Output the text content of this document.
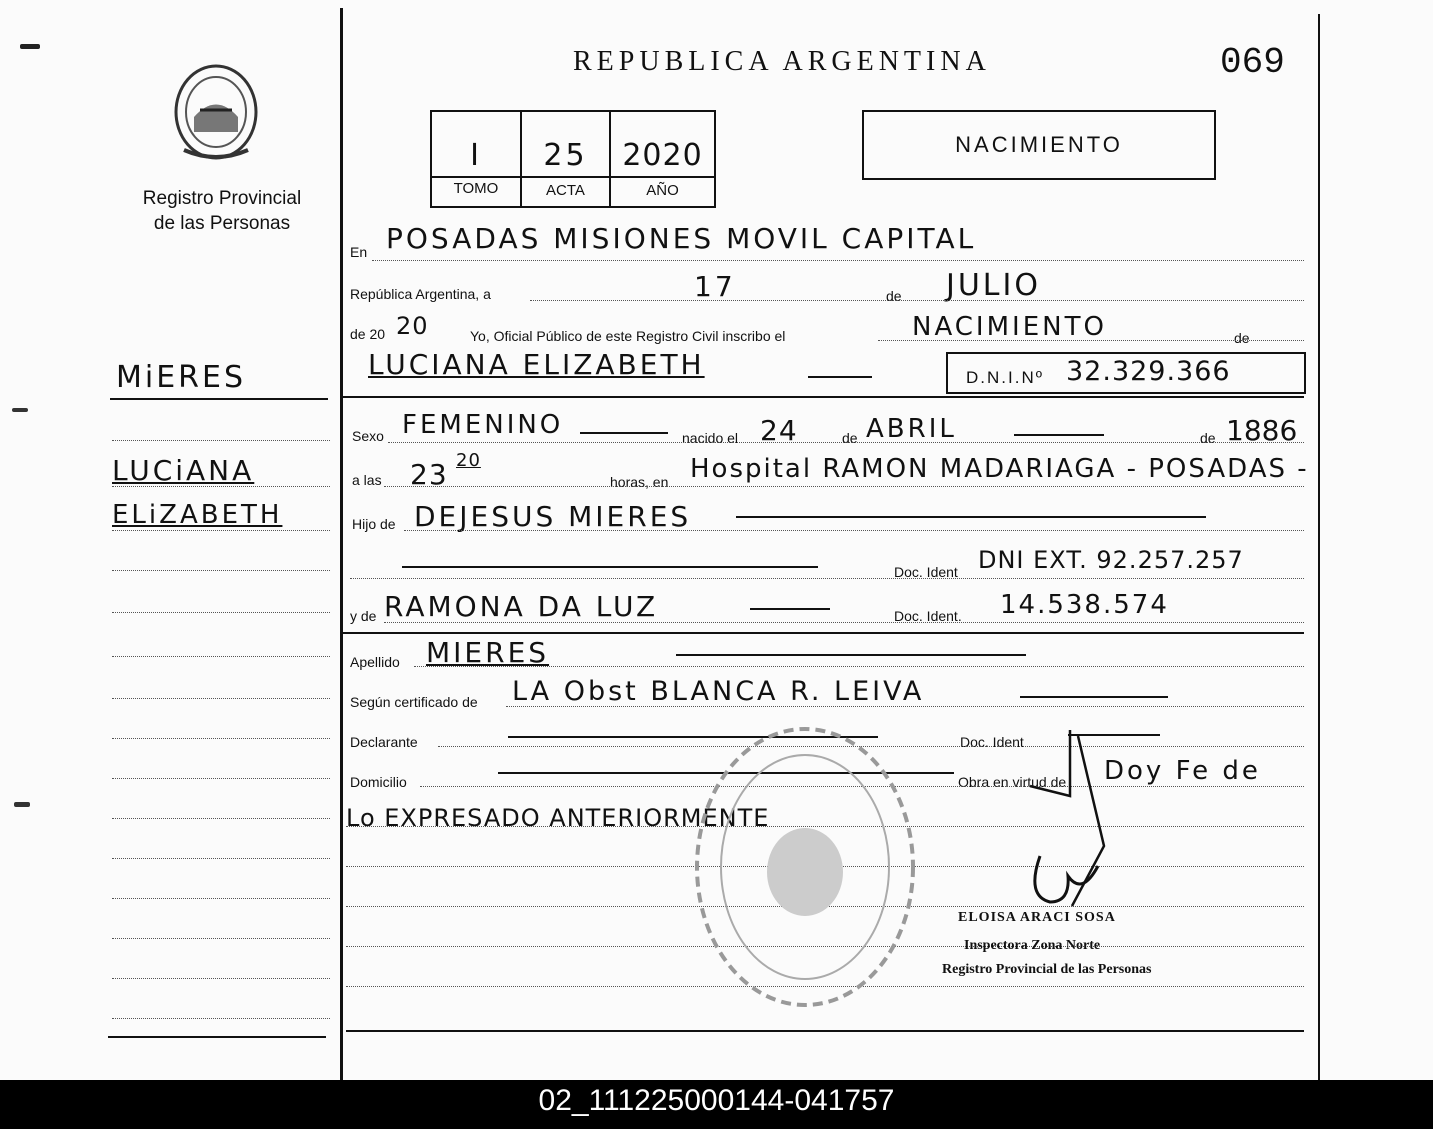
Registro Provincial
de las Personas
REPUBLICA ARGENTINA	069
I	25	2020
TOMO	ACTA	AÑO
NACIMIENTO
MiERES
LUCiANA
ELiZABETH
En POSADAS MISIONES MOVIL CAPITAL
República Argentina, a	17	de JULIO
de 20 20	Yo, Oficial Público de este Registro Civil inscribo el	NACIMIENTO	de
LUCIANA ELIZABETH	D.N.I.Nº 32.329.366
Sexo FEMENINO	nacido el 24	de ABRIL	de 1886
a las 23 20
horas, en Hospital RAMON MADARIAGA - POSADAS -
Hijo de DEJESUS MIERES
Doc. Ident DNI EXT. 92.257.257
y de RAMONA DA LUZ	Doc. Ident. 14.538.574
Apellido MIERES
Según certificado de LA Obst BLANCA R. LEIVA
Declarante	Doc. Ident
Domicilio	Obra en virtud de Doy Fe de
Lo EXPRESADO ANTERIORMENTE
ELOISA ARACI SOSA
Inspectora Zona Norte
Registro Provincial de las Personas
02_111225000144-041757
